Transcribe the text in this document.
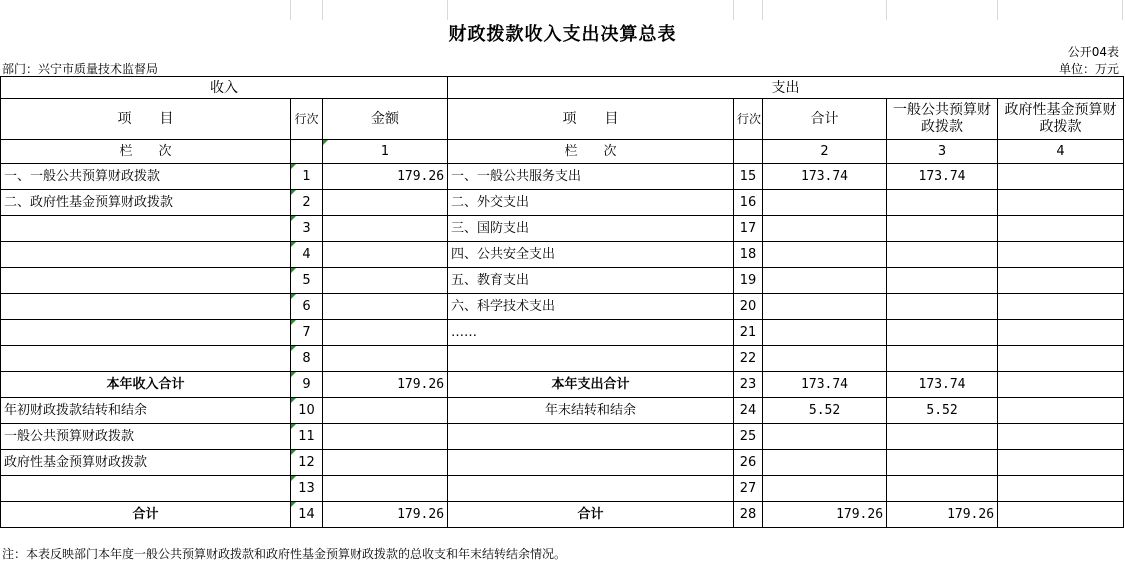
财政拨款收入支出决算总表
公开04表
部门：兴宁市质量技术监督局	单位：万元
收入			支出				
项　　目	行次	金额	项　　目	行次	合计	一般公共预算财政拨款	政府性基金预算财政拨款
栏　　次		1	栏　　次		2	3	4
一、一般公共预算财政拨款	1	179.26	一、一般公共服务支出	15	173.74	173.74	
二、政府性基金预算财政拨款	2		二、外交支出	16			
	3		三、国防支出	17			
	4		四、公共安全支出	18			
	5		五、教育支出	19			
	6		六、科学技术支出	20			
	7		……	21			
	8			22			
本年收入合计	9	179.26	本年支出合计	23	173.74	173.74	
年初财政拨款结转和结余	10		年末结转和结余	24	5.52	5.52	
一般公共预算财政拨款	11			25			
政府性基金预算财政拨款	12			26			
	13			27			
合计	14	179.26	合计	28	179.26	179.26	
注：本表反映部门本年度一般公共预算财政拨款和政府性基金预算财政拨款的总收支和年末结转结余情况。
